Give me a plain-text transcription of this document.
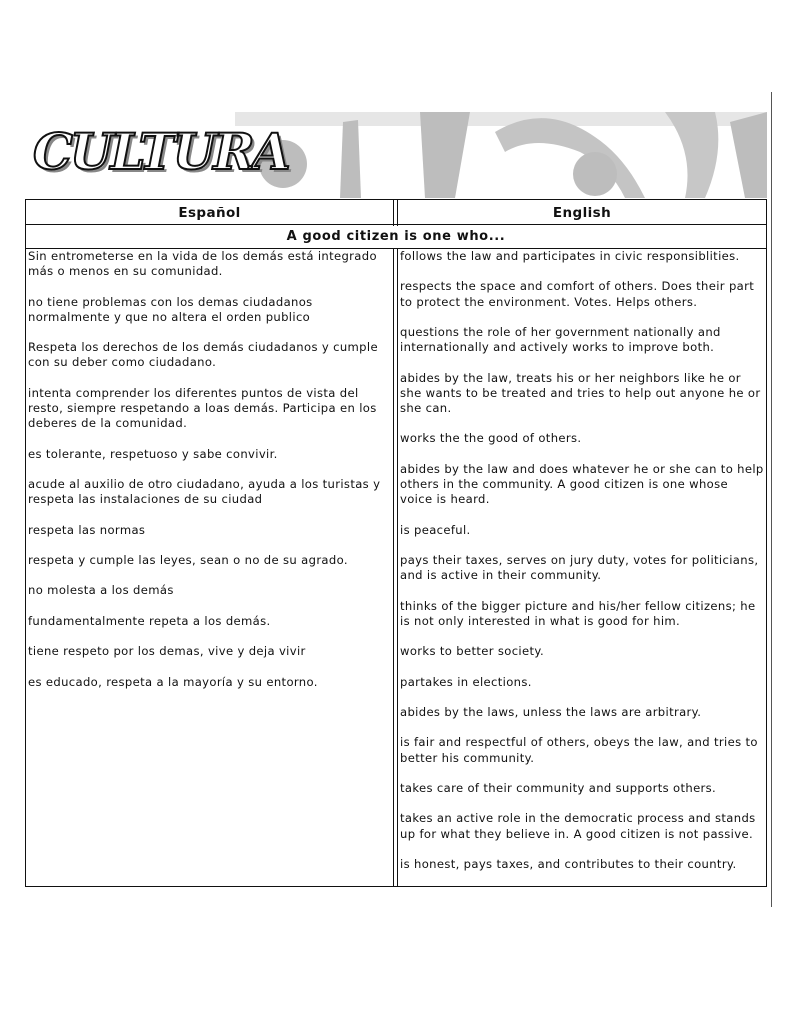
CULTURA
Español	English
A good citizen is one who...

Sin entrometerse en la vida de los demás está integrado más o menos en su comunidad.

no tiene problemas con los demas ciudadanos normalmente y que no altera el orden publico

Respeta los derechos de los demás ciudadanos y cumple con su deber como ciudadano.

intenta comprender los diferentes puntos de vista del resto, siempre respetando a loas demás. Participa en los deberes de la comunidad.

es tolerante, respetuoso y sabe convivir.

acude al auxilio de otro ciudadano, ayuda a los turistas y respeta las instalaciones de su ciudad

respeta las normas

respeta y cumple las leyes, sean o no de su agrado.

no molesta a los demás

fundamentalmente repeta a los demás.

tiene respeto por los demas, vive y deja vivir

es educado, respeta a la mayoría y su entorno.

follows the law and participates in civic responsiblities.

respects the space and comfort of others. Does their part to protect the environment. Votes. Helps others.

questions the role of her government nationally and internationally and actively works to improve both.

abides by the law, treats his or her neighbors like he or she wants to be treated and tries to help out anyone he or she can.

works the the good of others.

abides by the law and does whatever he or she can to help others in the community. A good citizen is one whose voice is heard.

is peaceful.

pays their taxes, serves on jury duty, votes for politicians, and is active in their community.

thinks of the bigger picture and his/her fellow citizens; he is not only interested in what is good for him.

works to better society.

partakes in elections.

abides by the laws, unless the laws are arbitrary.

is fair and respectful of others, obeys the law, and tries to better his community.

takes care of their community and supports others.

takes an active role in the democratic process and stands up for what they believe in. A good citizen is not passive.

is honest, pays taxes, and contributes to their country.
